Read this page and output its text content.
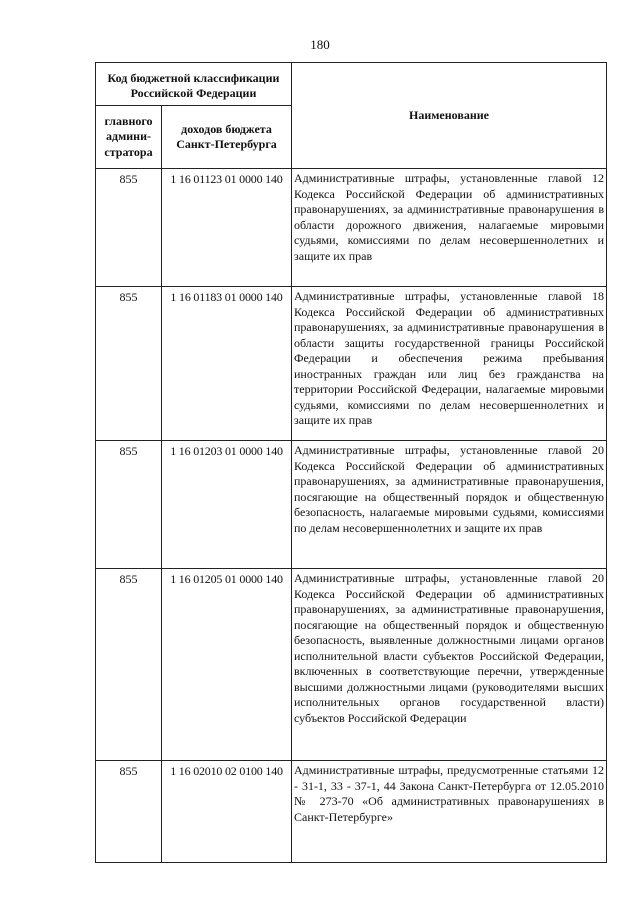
180
Код бюджетной классификации Российской Федерации		Наименование
главного админи-стратора	доходов бюджета Санкт-Петербурга	
855	1 16 01123 01 0000 140	Административные штрафы, установленные главой 12 Кодекса Российской Федерации об административных правонарушениях, за административные правонарушения в области дорожного движения, налагаемые мировыми судьями, комиссиями по делам несовершеннолетних и защите их прав
855	1 16 01183 01 0000 140	Административные штрафы, установленные главой 18 Кодекса Российской Федерации об административных правонарушениях, за административные правонарушения в области защиты государственной границы Российской Федерации и обеспечения режима пребывания иностранных граждан или лиц без гражданства на территории Российской Федерации, налагаемые мировыми судьями, комиссиями по делам несовершеннолетних и защите их прав
855	1 16 01203 01 0000 140	Административные штрафы, установленные главой 20 Кодекса Российской Федерации об административных правонарушениях, за административные правонарушения, посягающие на общественный порядок и общественную безопасность, налагаемые мировыми судьями, комиссиями по делам несовершеннолетних и защите их прав
855	1 16 01205 01 0000 140	Административные штрафы, установленные главой 20 Кодекса Российской Федерации об административных правонарушениях, за административные правонарушения, посягающие на общественный порядок и общественную безопасность, выявленные должностными лицами органов исполнительной власти субъектов Российской Федерации, включенных в соответствующие перечни, утвержденные высшими должностными лицами (руководителями высших исполнительных органов государственной власти) субъектов Российской Федерации
855	1 16 02010 02 0100 140	Административные штрафы, предусмотренные статьями 12 - 31-1, 33 - 37-1, 44 Закона Санкт-Петербурга от 12.05.2010 № 273-70 «Об административных правонарушениях в Санкт-Петербурге»
